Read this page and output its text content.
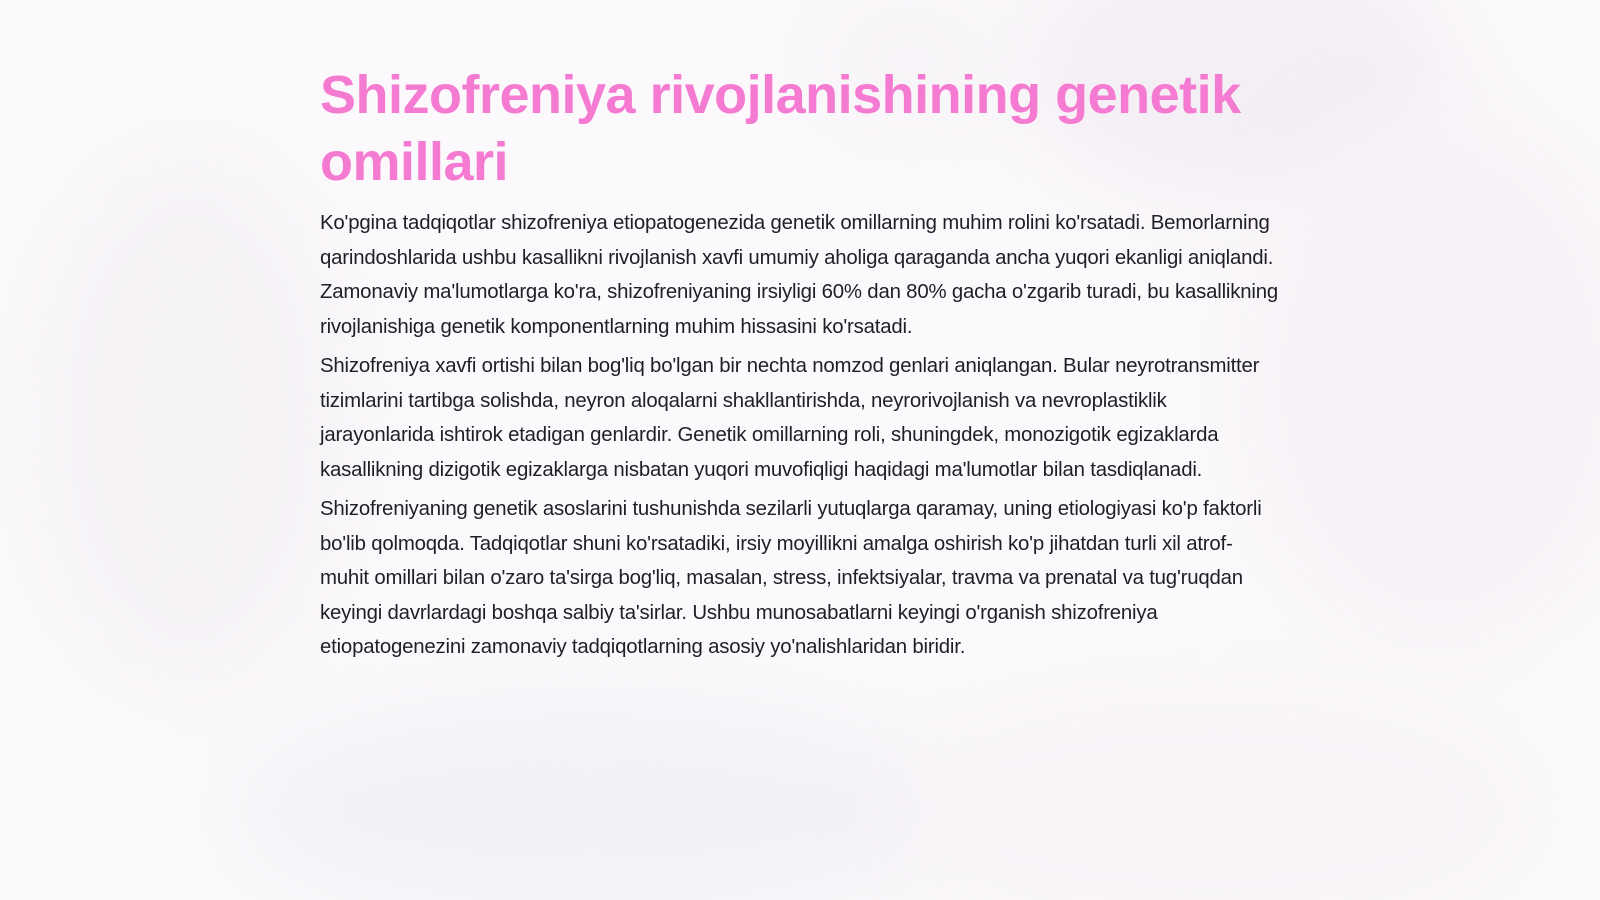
Shizofreniya rivojlanishining genetik omillari

Ko'pgina tadqiqotlar shizofreniya etiopatogenezida genetik omillarning muhim rolini ko'rsatadi. Bemorlarning qarindoshlarida ushbu kasallikni rivojlanish xavfi umumiy aholiga qaraganda ancha yuqori ekanligi aniqlandi. Zamonaviy ma'lumotlarga ko'ra, shizofreniyaning irsiyligi 60% dan 80% gacha o'zgarib turadi, bu kasallikning rivojlanishiga genetik komponentlarning muhim hissasini ko'rsatadi.

Shizofreniya xavfi ortishi bilan bog'liq bo'lgan bir nechta nomzod genlari aniqlangan. Bular neyrotransmitter tizimlarini tartibga solishda, neyron aloqalarni shakllantirishda, neyrorivojlanish va nevroplastiklik jarayonlarida ishtirok etadigan genlardir. Genetik omillarning roli, shuningdek, monozigotik egizaklarda kasallikning dizigotik egizaklarga nisbatan yuqori muvofiqligi haqidagi ma'lumotlar bilan tasdiqlanadi.

Shizofreniyaning genetik asoslarini tushunishda sezilarli yutuqlarga qaramay, uning etiologiyasi ko'p faktorli bo'lib qolmoqda. Tadqiqotlar shuni ko'rsatadiki, irsiy moyillikni amalga oshirish ko'p jihatdan turli xil atrof-muhit omillari bilan o'zaro ta'sirga bog'liq, masalan, stress, infektsiyalar, travma va prenatal va tug'ruqdan keyingi davrlardagi boshqa salbiy ta'sirlar. Ushbu munosabatlarni keyingi o'rganish shizofreniya etiopatogenezini zamonaviy tadqiqotlarning asosiy yo'nalishlaridan biridir.
